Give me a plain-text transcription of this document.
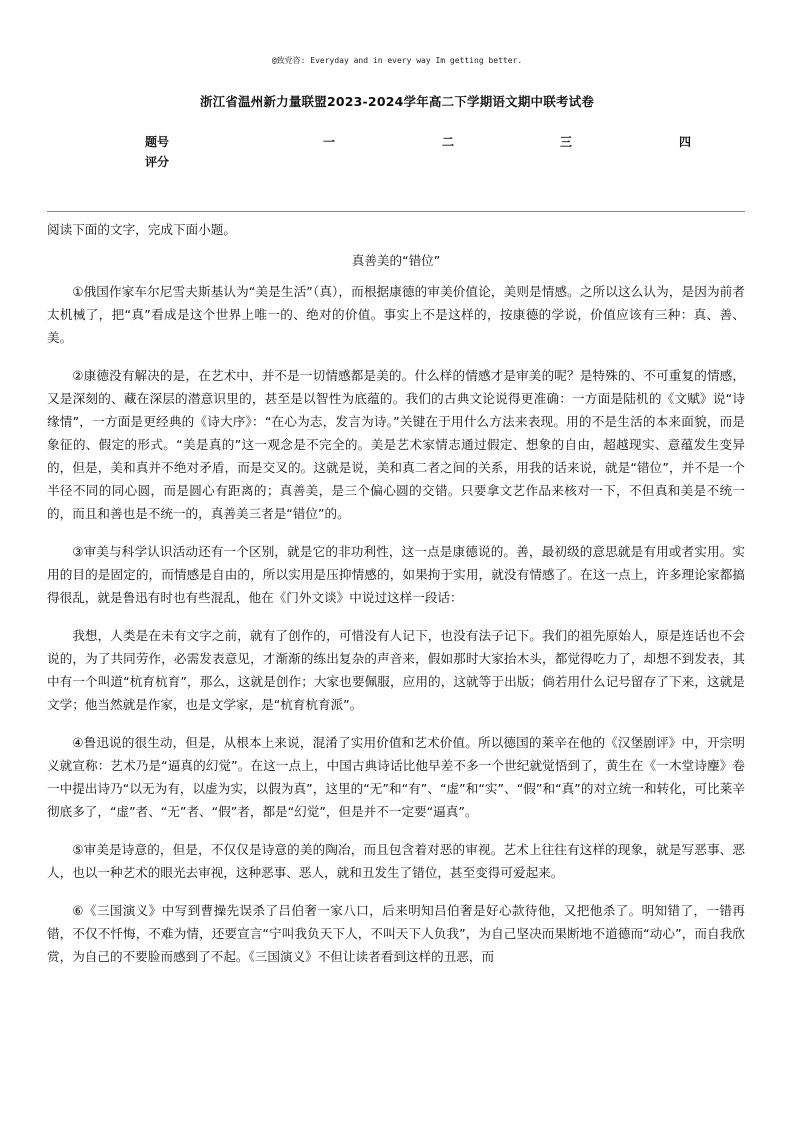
@致党咨: Everyday and in every way Im getting better.
浙江省温州新力量联盟2023-2024学年高二下学期语文期中联考试卷
题号	一	二	三	四
评分

阅读下面的文字，完成下面小题。

真善美的“错位”

①俄国作家车尔尼雪夫斯基认为“美是生活”（真），而根据康德的审美价值论，美则是情感。之所以这么认为，是因为前者太机械了，把“真”看成是这个世界上唯一的、绝对的价值。事实上不是这样的，按康德的学说，价值应该有三种：真、善、美。

②康德没有解决的是，在艺术中，并不是一切情感都是美的。什么样的情感才是审美的呢？是特殊的、不可重复的情感，又是深刻的、藏在深层的潜意识里的，甚至是以智性为底蕴的。我们的古典文论说得更准确：一方面是陆机的《文赋》说“诗缘情”，一方面是更经典的《诗大序》：“在心为志，发言为诗。”关键在于用什么方法来表现。用的不是生活的本来面貌，而是象征的、假定的形式。“美是真的”这一观念是不完全的。美是艺术家情志通过假定、想象的自由，超越现实、意蕴发生变异的，但是，美和真并不绝对矛盾，而是交叉的。这就是说，美和真二者之间的关系，用我的话来说，就是“错位”，并不是一个半径不同的同心圆，而是圆心有距离的；真善美，是三个偏心圆的交错。只要拿文艺作品来核对一下，不但真和美是不统一的，而且和善也是不统一的，真善美三者是“错位”的。

③审美与科学认识活动还有一个区别，就是它的非功利性，这一点是康德说的。善，最初级的意思就是有用或者实用。实用的目的是固定的，而情感是自由的，所以实用是压抑情感的，如果拘于实用，就没有情感了。在这一点上，许多理论家都搞得很乱，就是鲁迅有时也有些混乱，他在《门外文谈》中说过这样一段话：

我想，人类是在未有文字之前，就有了创作的，可惜没有人记下，也没有法子记下。我们的祖先原始人，原是连话也不会说的，为了共同劳作，必需发表意见，才渐渐的练出复杂的声音来，假如那时大家抬木头，都觉得吃力了，却想不到发表，其中有一个叫道“杭育杭育”，那么，这就是创作；大家也要佩服，应用的，这就等于出版；倘若用什么记号留存了下来，这就是文学；他当然就是作家，也是文学家，是“杭育杭育派”。

④鲁迅说的很生动，但是，从根本上来说，混淆了实用价值和艺术价值。所以德国的莱辛在他的《汉堡剧评》中，开宗明义就宣称：艺术乃是“逼真的幻觉”。在这一点上，中国古典诗话比他早差不多一个世纪就觉悟到了，黄生在《一木堂诗麈》卷一中提出诗乃“以无为有，以虚为实，以假为真”，这里的“无”和“有”、“虚”和“实”、“假”和“真”的对立统一和转化，可比莱辛彻底多了，“虚”者、“无”者、“假”者，都是“幻觉”，但是并不一定要“逼真”。

⑤审美是诗意的，但是，不仅仅是诗意的美的陶冶，而且包含着对恶的审视。艺术上往往有这样的现象，就是写恶事、恶人，也以一种艺术的眼光去审视，这种恶事、恶人，就和丑发生了错位，甚至变得可爱起来。

⑥《三国演义》中写到曹操先误杀了吕伯奢一家八口，后来明知吕伯奢是好心款待他，又把他杀了。明知错了，一错再错，不仅不忏悔，不难为情，还要宣言“宁叫我负天下人，不叫天下人负我”，为自己坚决而果断地不道德而“动心”，而自我欣赏，为自己的不要脸而感到了不起。《三国演义》不但让读者看到这样的丑恶，而
